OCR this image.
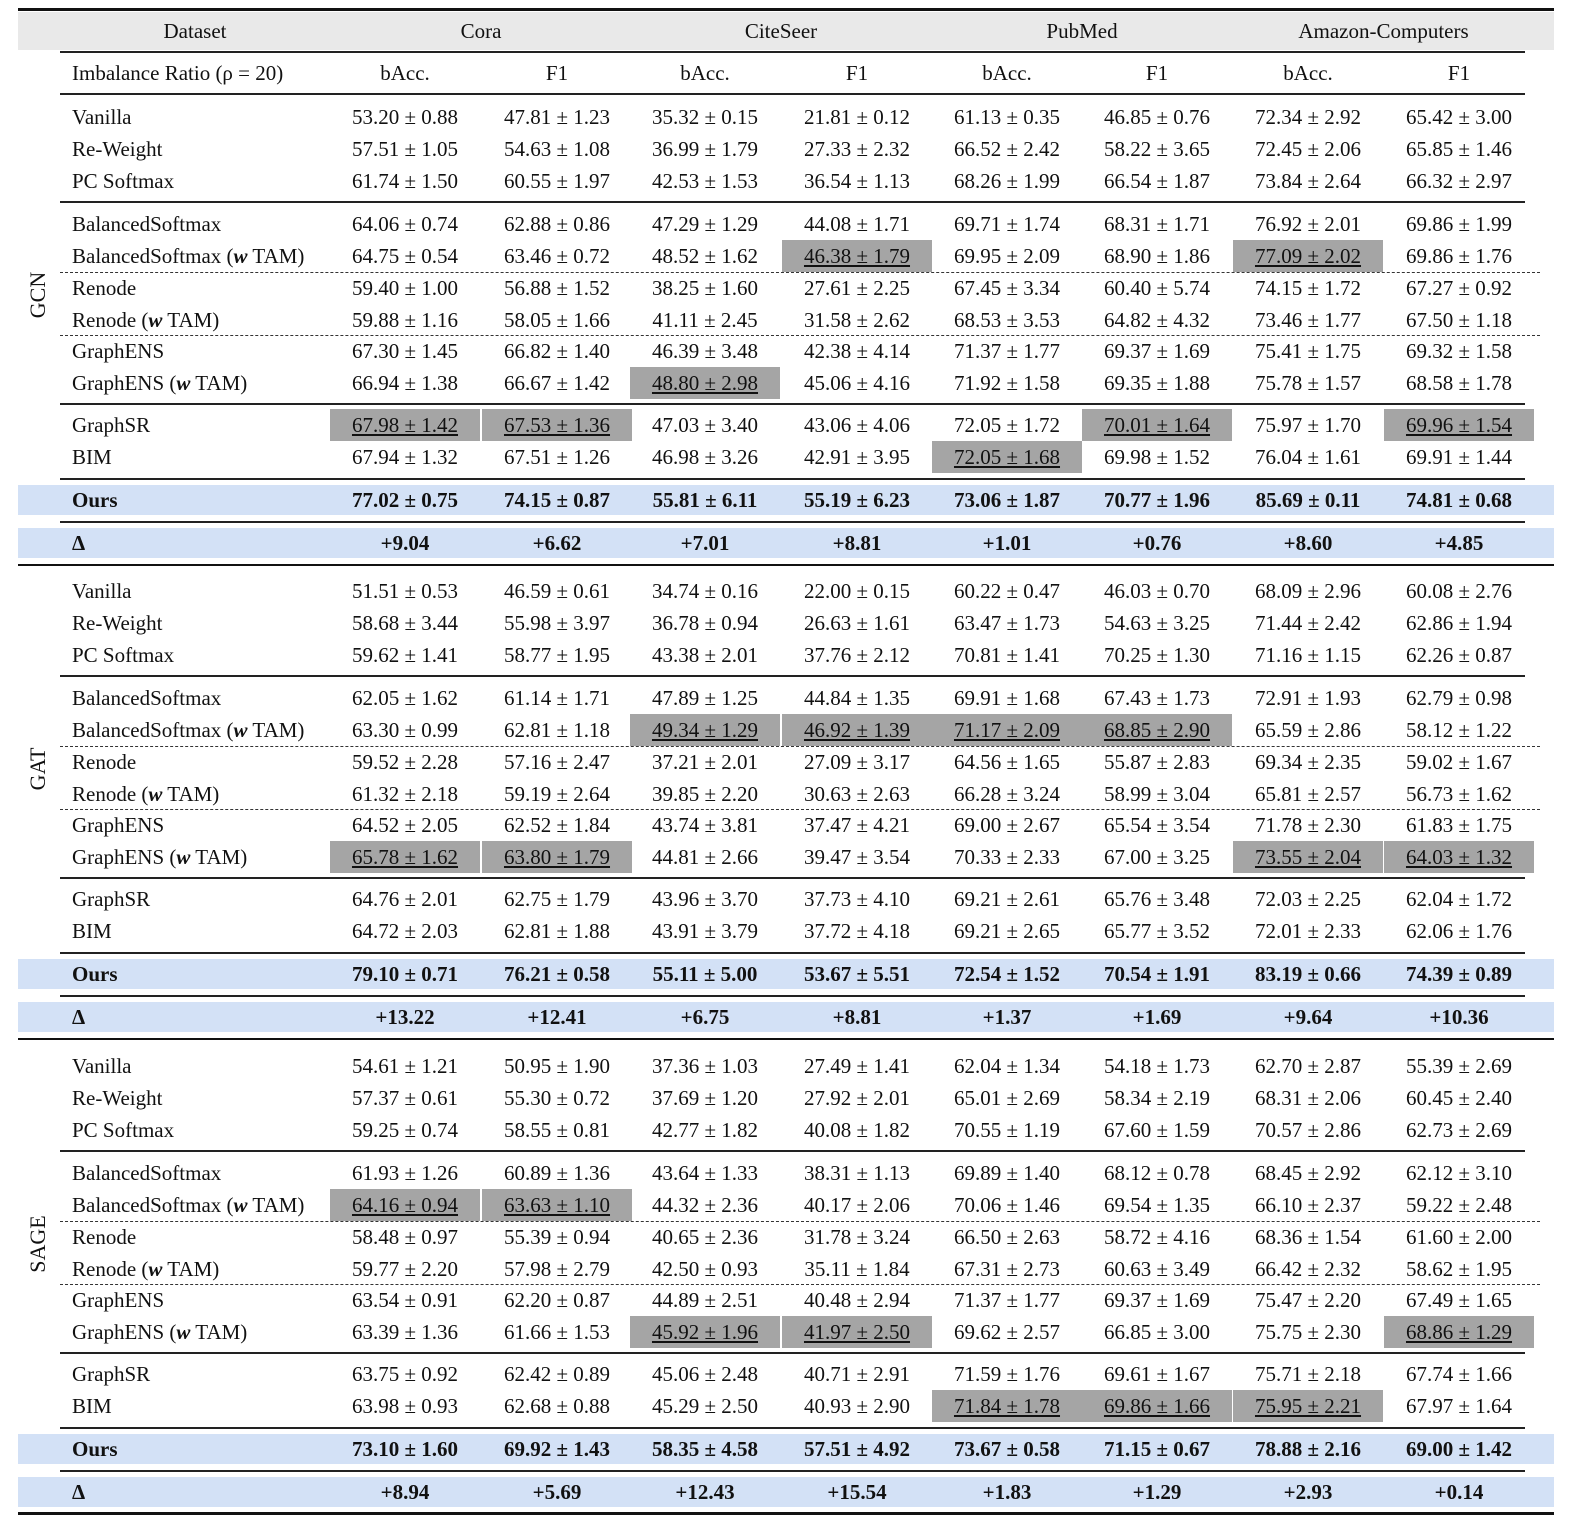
Dataset	Cora	CiteSeer	PubMed	Amazon-Computers
Imbalance Ratio (ρ = 20)	bAcc.	F1	bAcc.	F1	bAcc.	F1	bAcc.	F1
GCN
Vanilla	53.20 ± 0.88	47.81 ± 1.23	35.32 ± 0.15	21.81 ± 0.12	61.13 ± 0.35	46.85 ± 0.76	72.34 ± 2.92	65.42 ± 3.00
Re-Weight	57.51 ± 1.05	54.63 ± 1.08	36.99 ± 1.79	27.33 ± 2.32	66.52 ± 2.42	58.22 ± 3.65	72.45 ± 2.06	65.85 ± 1.46
PC Softmax	61.74 ± 1.50	60.55 ± 1.97	42.53 ± 1.53	36.54 ± 1.13	68.26 ± 1.99	66.54 ± 1.87	73.84 ± 2.64	66.32 ± 2.97
BalancedSoftmax	64.06 ± 0.74	62.88 ± 0.86	47.29 ± 1.29	44.08 ± 1.71	69.71 ± 1.74	68.31 ± 1.71	76.92 ± 2.01	69.86 ± 1.99
BalancedSoftmax (w TAM)	64.75 ± 0.54	63.46 ± 0.72	48.52 ± 1.62	46.38 ± 1.79	69.95 ± 2.09	68.90 ± 1.86	77.09 ± 2.02	69.86 ± 1.76
Renode	59.40 ± 1.00	56.88 ± 1.52	38.25 ± 1.60	27.61 ± 2.25	67.45 ± 3.34	60.40 ± 5.74	74.15 ± 1.72	67.27 ± 0.92
Renode (w TAM)	59.88 ± 1.16	58.05 ± 1.66	41.11 ± 2.45	31.58 ± 2.62	68.53 ± 3.53	64.82 ± 4.32	73.46 ± 1.77	67.50 ± 1.18
GraphENS	67.30 ± 1.45	66.82 ± 1.40	46.39 ± 3.48	42.38 ± 4.14	71.37 ± 1.77	69.37 ± 1.69	75.41 ± 1.75	69.32 ± 1.58
GraphENS (w TAM)	66.94 ± 1.38	66.67 ± 1.42	48.80 ± 2.98	45.06 ± 4.16	71.92 ± 1.58	69.35 ± 1.88	75.78 ± 1.57	68.58 ± 1.78
GraphSR	67.98 ± 1.42	67.53 ± 1.36	47.03 ± 3.40	43.06 ± 4.06	72.05 ± 1.72	70.01 ± 1.64	75.97 ± 1.70	69.96 ± 1.54
BIM	67.94 ± 1.32	67.51 ± 1.26	46.98 ± 3.26	42.91 ± 3.95	72.05 ± 1.68	69.98 ± 1.52	76.04 ± 1.61	69.91 ± 1.44
Ours	77.02 ± 0.75	74.15 ± 0.87	55.81 ± 6.11	55.19 ± 6.23	73.06 ± 1.87	70.77 ± 1.96	85.69 ± 0.11	74.81 ± 0.68
Δ	+9.04	+6.62	+7.01	+8.81	+1.01	+0.76	+8.60	+4.85
GAT
Vanilla	51.51 ± 0.53	46.59 ± 0.61	34.74 ± 0.16	22.00 ± 0.15	60.22 ± 0.47	46.03 ± 0.70	68.09 ± 2.96	60.08 ± 2.76
Re-Weight	58.68 ± 3.44	55.98 ± 3.97	36.78 ± 0.94	26.63 ± 1.61	63.47 ± 1.73	54.63 ± 3.25	71.44 ± 2.42	62.86 ± 1.94
PC Softmax	59.62 ± 1.41	58.77 ± 1.95	43.38 ± 2.01	37.76 ± 2.12	70.81 ± 1.41	70.25 ± 1.30	71.16 ± 1.15	62.26 ± 0.87
BalancedSoftmax	62.05 ± 1.62	61.14 ± 1.71	47.89 ± 1.25	44.84 ± 1.35	69.91 ± 1.68	67.43 ± 1.73	72.91 ± 1.93	62.79 ± 0.98
BalancedSoftmax (w TAM)	63.30 ± 0.99	62.81 ± 1.18	49.34 ± 1.29	46.92 ± 1.39	71.17 ± 2.09	68.85 ± 2.90	65.59 ± 2.86	58.12 ± 1.22
Renode	59.52 ± 2.28	57.16 ± 2.47	37.21 ± 2.01	27.09 ± 3.17	64.56 ± 1.65	55.87 ± 2.83	69.34 ± 2.35	59.02 ± 1.67
Renode (w TAM)	61.32 ± 2.18	59.19 ± 2.64	39.85 ± 2.20	30.63 ± 2.63	66.28 ± 3.24	58.99 ± 3.04	65.81 ± 2.57	56.73 ± 1.62
GraphENS	64.52 ± 2.05	62.52 ± 1.84	43.74 ± 3.81	37.47 ± 4.21	69.00 ± 2.67	65.54 ± 3.54	71.78 ± 2.30	61.83 ± 1.75
GraphENS (w TAM)	65.78 ± 1.62	63.80 ± 1.79	44.81 ± 2.66	39.47 ± 3.54	70.33 ± 2.33	67.00 ± 3.25	73.55 ± 2.04	64.03 ± 1.32
GraphSR	64.76 ± 2.01	62.75 ± 1.79	43.96 ± 3.70	37.73 ± 4.10	69.21 ± 2.61	65.76 ± 3.48	72.03 ± 2.25	62.04 ± 1.72
BIM	64.72 ± 2.03	62.81 ± 1.88	43.91 ± 3.79	37.72 ± 4.18	69.21 ± 2.65	65.77 ± 3.52	72.01 ± 2.33	62.06 ± 1.76
Ours	79.10 ± 0.71	76.21 ± 0.58	55.11 ± 5.00	53.67 ± 5.51	72.54 ± 1.52	70.54 ± 1.91	83.19 ± 0.66	74.39 ± 0.89
Δ	+13.22	+12.41	+6.75	+8.81	+1.37	+1.69	+9.64	+10.36
SAGE
Vanilla	54.61 ± 1.21	50.95 ± 1.90	37.36 ± 1.03	27.49 ± 1.41	62.04 ± 1.34	54.18 ± 1.73	62.70 ± 2.87	55.39 ± 2.69
Re-Weight	57.37 ± 0.61	55.30 ± 0.72	37.69 ± 1.20	27.92 ± 2.01	65.01 ± 2.69	58.34 ± 2.19	68.31 ± 2.06	60.45 ± 2.40
PC Softmax	59.25 ± 0.74	58.55 ± 0.81	42.77 ± 1.82	40.08 ± 1.82	70.55 ± 1.19	67.60 ± 1.59	70.57 ± 2.86	62.73 ± 2.69
BalancedSoftmax	61.93 ± 1.26	60.89 ± 1.36	43.64 ± 1.33	38.31 ± 1.13	69.89 ± 1.40	68.12 ± 0.78	68.45 ± 2.92	62.12 ± 3.10
BalancedSoftmax (w TAM)	64.16 ± 0.94	63.63 ± 1.10	44.32 ± 2.36	40.17 ± 2.06	70.06 ± 1.46	69.54 ± 1.35	66.10 ± 2.37	59.22 ± 2.48
Renode	58.48 ± 0.97	55.39 ± 0.94	40.65 ± 2.36	31.78 ± 3.24	66.50 ± 2.63	58.72 ± 4.16	68.36 ± 1.54	61.60 ± 2.00
Renode (w TAM)	59.77 ± 2.20	57.98 ± 2.79	42.50 ± 0.93	35.11 ± 1.84	67.31 ± 2.73	60.63 ± 3.49	66.42 ± 2.32	58.62 ± 1.95
GraphENS	63.54 ± 0.91	62.20 ± 0.87	44.89 ± 2.51	40.48 ± 2.94	71.37 ± 1.77	69.37 ± 1.69	75.47 ± 2.20	67.49 ± 1.65
GraphENS (w TAM)	63.39 ± 1.36	61.66 ± 1.53	45.92 ± 1.96	41.97 ± 2.50	69.62 ± 2.57	66.85 ± 3.00	75.75 ± 2.30	68.86 ± 1.29
GraphSR	63.75 ± 0.92	62.42 ± 0.89	45.06 ± 2.48	40.71 ± 2.91	71.59 ± 1.76	69.61 ± 1.67	75.71 ± 2.18	67.74 ± 1.66
BIM	63.98 ± 0.93	62.68 ± 0.88	45.29 ± 2.50	40.93 ± 2.90	71.84 ± 1.78	69.86 ± 1.66	75.95 ± 2.21	67.97 ± 1.64
Ours	73.10 ± 1.60	69.92 ± 1.43	58.35 ± 4.58	57.51 ± 4.92	73.67 ± 0.58	71.15 ± 0.67	78.88 ± 2.16	69.00 ± 1.42
Δ	+8.94	+5.69	+12.43	+15.54	+1.83	+1.29	+2.93	+0.14
